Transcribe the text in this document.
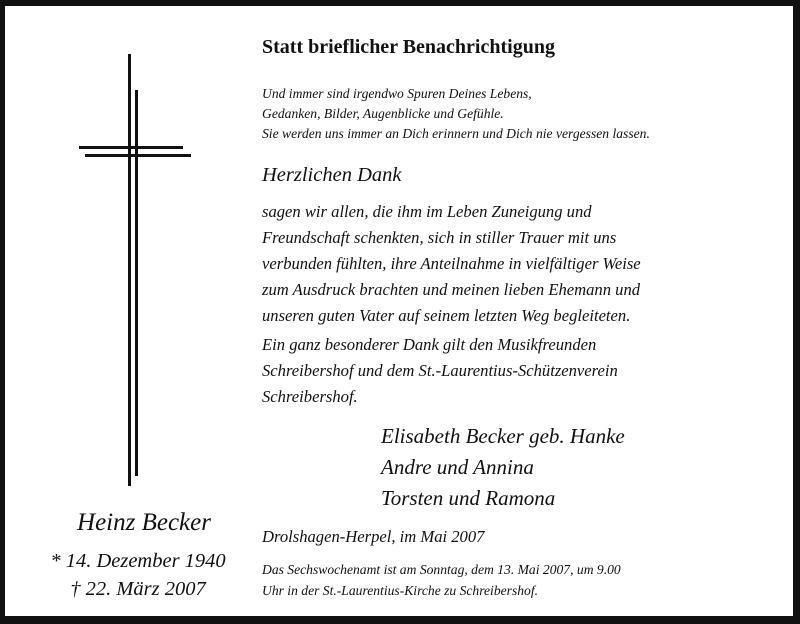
Statt brieflicher Benachrichtigung
Und immer sind irgendwo Spuren Deines Lebens,
Gedanken, Bilder, Augenblicke und Gefühle.
Sie werden uns immer an Dich erinnern und Dich nie vergessen lassen.
Herzlichen Dank
sagen wir allen, die ihm im Leben Zuneigung und
Freundschaft schenkten, sich in stiller Trauer mit uns
verbunden fühlten, ihre Anteilnahme in vielfältiger Weise
zum Ausdruck brachten und meinen lieben Ehemann und
unseren guten Vater auf seinem letzten Weg begleiteten.
Ein ganz besonderer Dank gilt den Musikfreunden
Schreibershof und dem St.-Laurentius-Schützenverein
Schreibershof.
Elisabeth Becker geb. Hanke
Andre und Annina
Torsten und Ramona
Drolshagen-Herpel, im Mai 2007
Das Sechswochenamt ist am Sonntag, dem 13. Mai 2007, um 9.00
Uhr in der St.-Laurentius-Kirche zu Schreibershof.
Heinz Becker
* 14. Dezember 1940
† 22. März 2007
